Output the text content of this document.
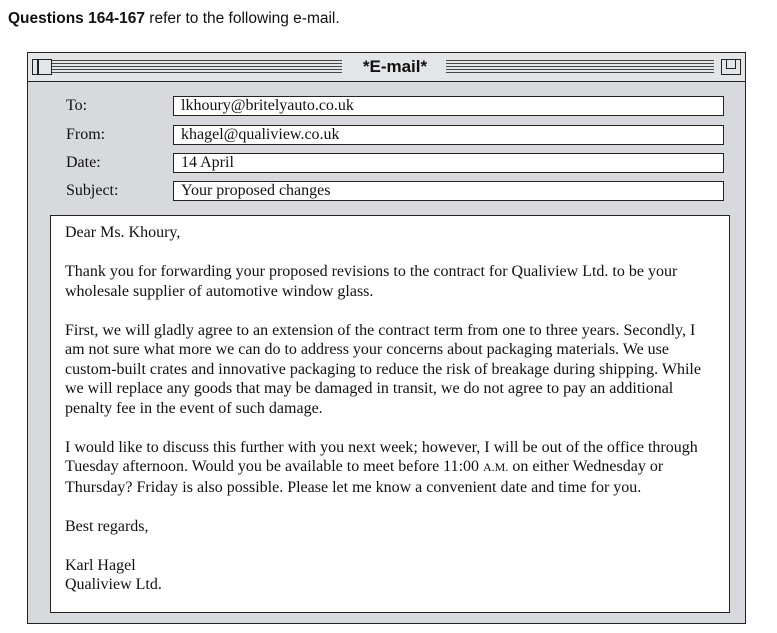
Questions 164-167 refer to the following e-mail.
*E-mail*
To:	lkhoury@britelyauto.co.uk
From:	khagel@qualiview.co.uk
Date:	14 April
Subject:	Your proposed changes

Dear Ms. Khoury,

Thank you for forwarding your proposed revisions to the contract for Qualiview Ltd. to be your wholesale supplier of automotive window glass.

First, we will gladly agree to an extension of the contract term from one to three years. Secondly, I am not sure what more we can do to address your concerns about packaging materials. We use custom-built crates and innovative packaging to reduce the risk of breakage during shipping. While we will replace any goods that may be damaged in transit, we do not agree to pay an additional penalty fee in the event of such damage.

I would like to discuss this further with you next week; however, I will be out of the office through Tuesday afternoon. Would you be available to meet before 11:00 A.M. on either Wednesday or Thursday? Friday is also possible. Please let me know a convenient date and time for you.

Best regards,

Karl Hagel
Qualiview Ltd.
